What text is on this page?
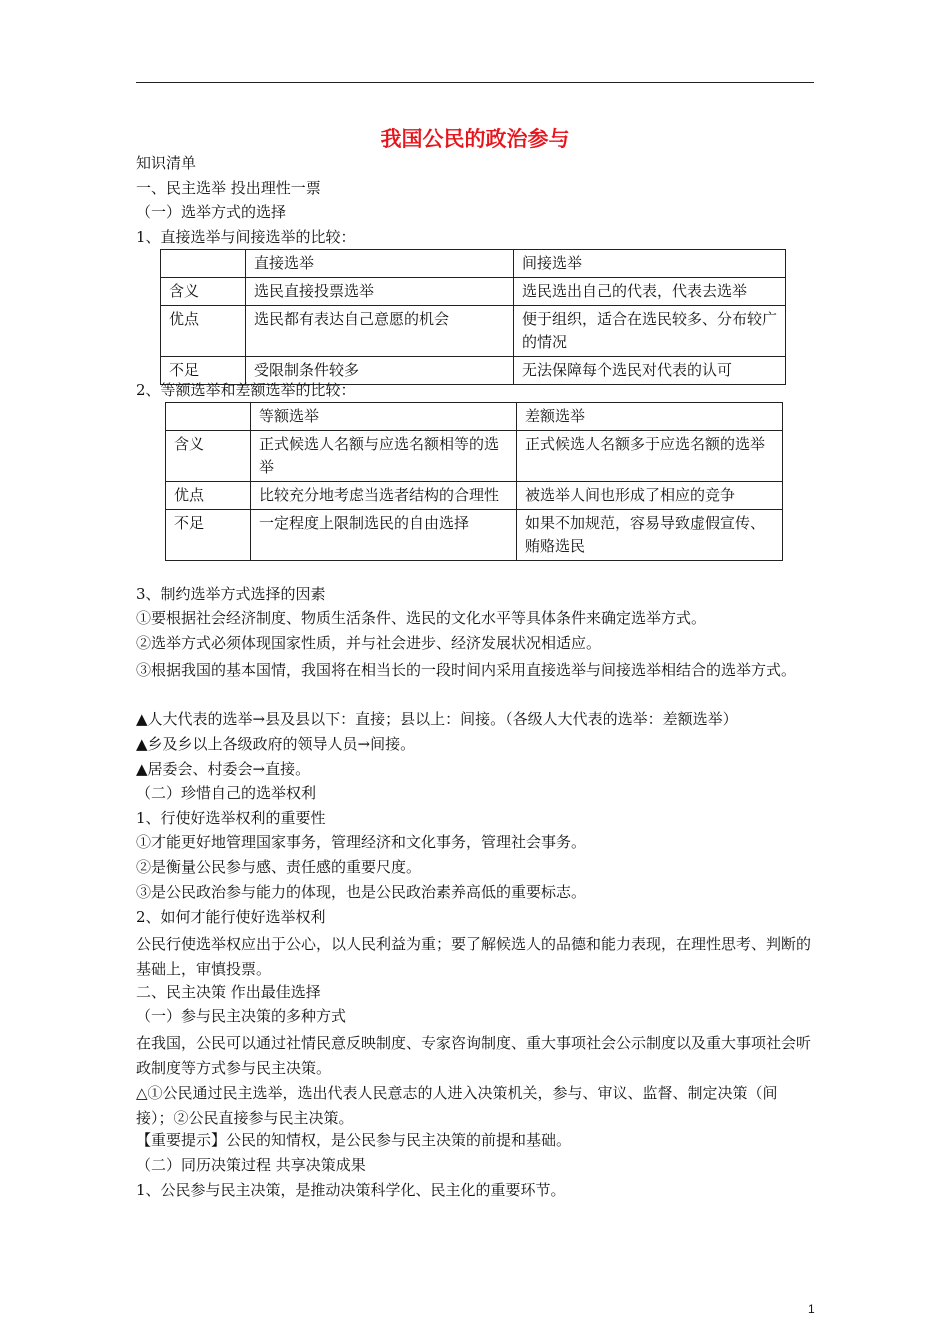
我国公民的政治参与
知识清单
一、民主选举 投出理性一票
（一）选举方式的选择
1、直接选举与间接选举的比较：
	直接选举	间接选举
含义	选民直接投票选举	选民选出自己的代表，代表去选举
优点	选民都有表达自己意愿的机会	便于组织，适合在选民较多、分布较广的情况
不足	受限制条件较多	无法保障每个选民对代表的认可
2、等额选举和差额选举的比较：
	等额选举	差额选举
含义	正式候选人名额与应选名额相等的选举	正式候选人名额多于应选名额的选举
优点	比较充分地考虑当选者结构的合理性	被选举人间也形成了相应的竞争
不足	一定程度上限制选民的自由选择	如果不加规范，容易导致虚假宣传、贿赂选民
3、制约选举方式选择的因素
①要根据社会经济制度、物质生活条件、选民的文化水平等具体条件来确定选举方式。
②选举方式必须体现国家性质，并与社会进步、经济发展状况相适应。
③根据我国的基本国情，我国将在相当长的一段时间内采用直接选举与间接选举相结合的选举方式。
▲人大代表的选举→县及县以下：直接；县以上：间接。（各级人大代表的选举：差额选举）
▲乡及乡以上各级政府的领导人员→间接。
▲居委会、村委会→直接。
（二）珍惜自己的选举权利
1、行使好选举权利的重要性
①才能更好地管理国家事务，管理经济和文化事务，管理社会事务。
②是衡量公民参与感、责任感的重要尺度。
③是公民政治参与能力的体现，也是公民政治素养高低的重要标志。
2、如何才能行使好选举权利
公民行使选举权应出于公心，以人民利益为重；要了解候选人的品德和能力表现，在理性思考、判断的基础上，审慎投票。
二、民主决策 作出最佳选择
（一）参与民主决策的多种方式
在我国，公民可以通过社情民意反映制度、专家咨询制度、重大事项社会公示制度以及重大事项社会听政制度等方式参与民主决策。
△①公民通过民主选举，选出代表人民意志的人进入决策机关，参与、审议、监督、制定决策（间接）；②公民直接参与民主决策。
【重要提示】公民的知情权，是公民参与民主决策的前提和基础。
（二）同历决策过程 共享决策成果
1、公民参与民主决策，是推动决策科学化、民主化的重要环节。
1
